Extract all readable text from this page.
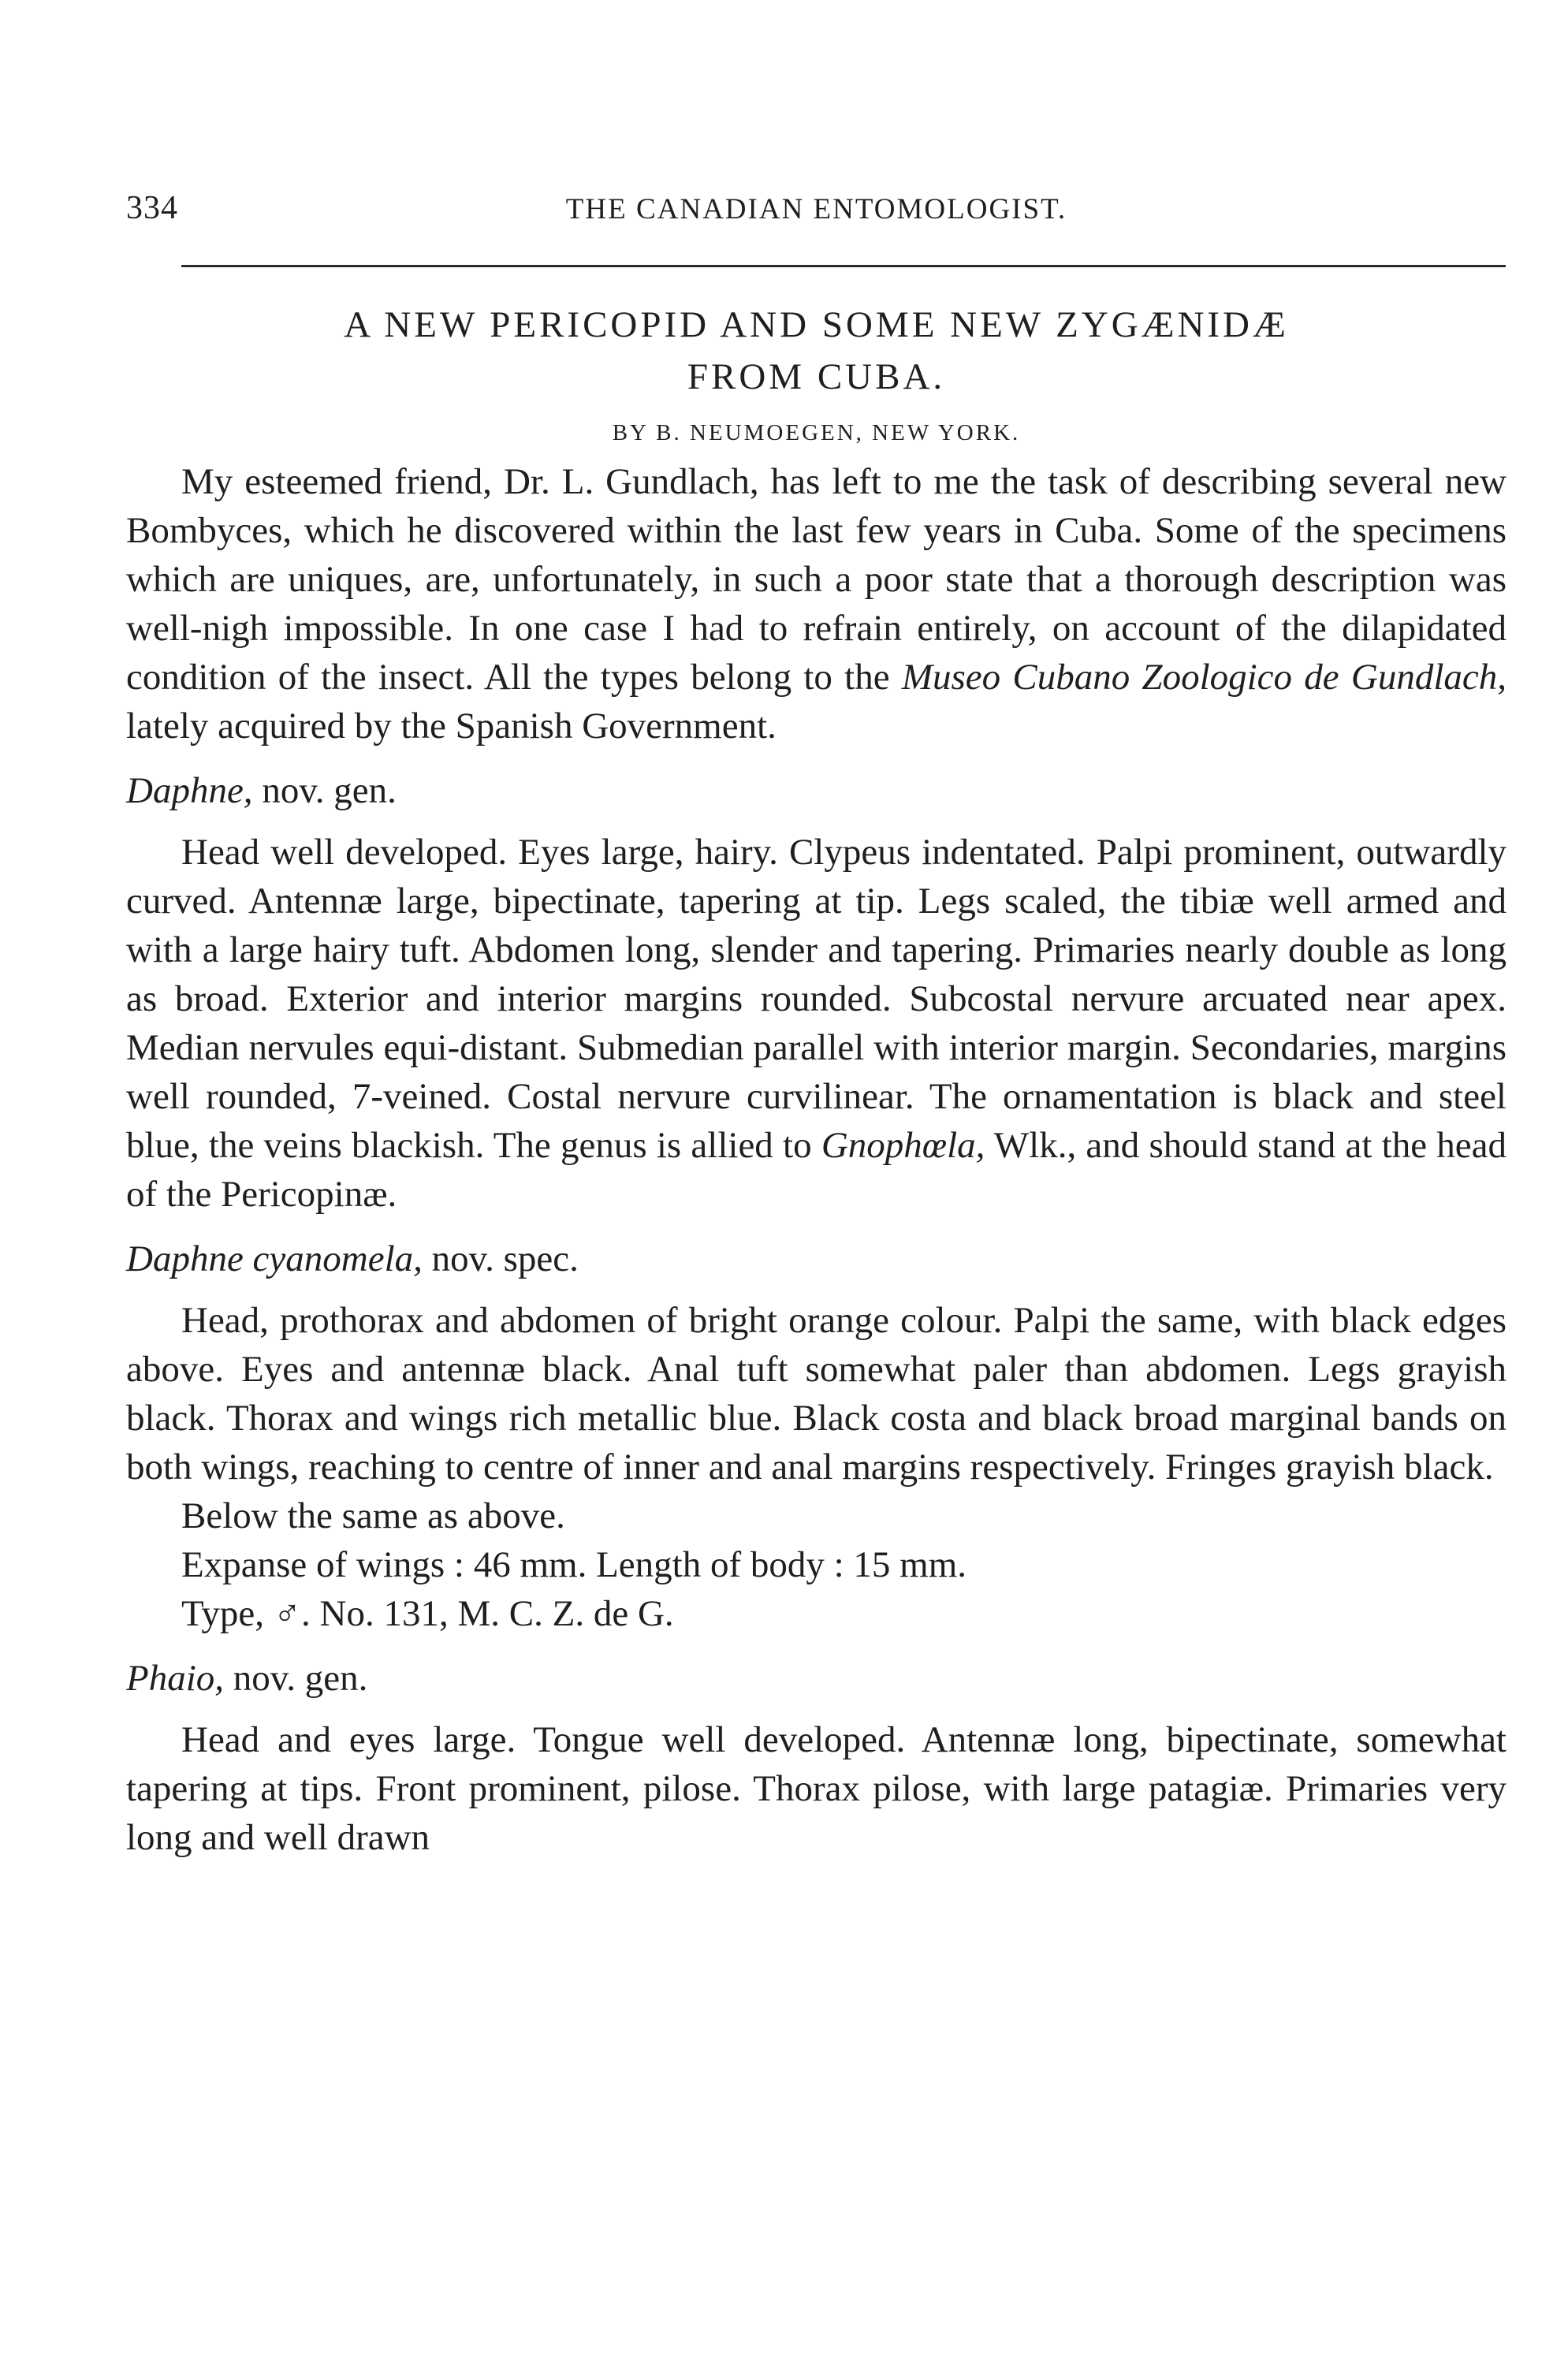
334	THE CANADIAN ENTOMOLOGIST.
A NEW PERICOPID AND SOME NEW ZYGÆNIDÆ
FROM CUBA.
BY B. NEUMOEGEN, NEW YORK.

My esteemed friend, Dr. L. Gundlach, has left to me the task of describing several new Bombyces, which he discovered within the last few years in Cuba. Some of the specimens which are uniques, are, unfortunately, in such a poor state that a thorough description was well-nigh impossible. In one case I had to refrain entirely, on account of the dilapidated condition of the insect. All the types belong to the Museo Cubano Zoologico de Gundlach, lately acquired by the Spanish Government.

Daphne, nov. gen.

Head well developed. Eyes large, hairy. Clypeus indentated. Palpi prominent, outwardly curved. Antennæ large, bipectinate, tapering at tip. Legs scaled, the tibiæ well armed and with a large hairy tuft. Abdomen long, slender and tapering. Primaries nearly double as long as broad. Exterior and interior margins rounded. Subcostal nervure arcuated near apex. Median nervules equi-distant. Submedian parallel with interior margin. Secondaries, margins well rounded, 7-veined. Costal nervure curvilinear. The ornamentation is black and steel blue, the veins blackish. The genus is allied to Gnophœla, Wlk., and should stand at the head of the Pericopinæ.

Daphne cyanomela, nov. spec.

Head, prothorax and abdomen of bright orange colour. Palpi the same, with black edges above. Eyes and antennæ black. Anal tuft somewhat paler than abdomen. Legs grayish black. Thorax and wings rich metallic blue. Black costa and black broad marginal bands on both wings, reaching to centre of inner and anal margins respectively. Fringes grayish black.

Below the same as above.

Expanse of wings : 46 mm. Length of body : 15 mm.

Type, ♂. No. 131, M. C. Z. de G.

Phaio, nov. gen.

Head and eyes large. Tongue well developed. Antennæ long, bipectinate, somewhat tapering at tips. Front prominent, pilose. Thorax pilose, with large patagiæ. Primaries very long and well drawn
